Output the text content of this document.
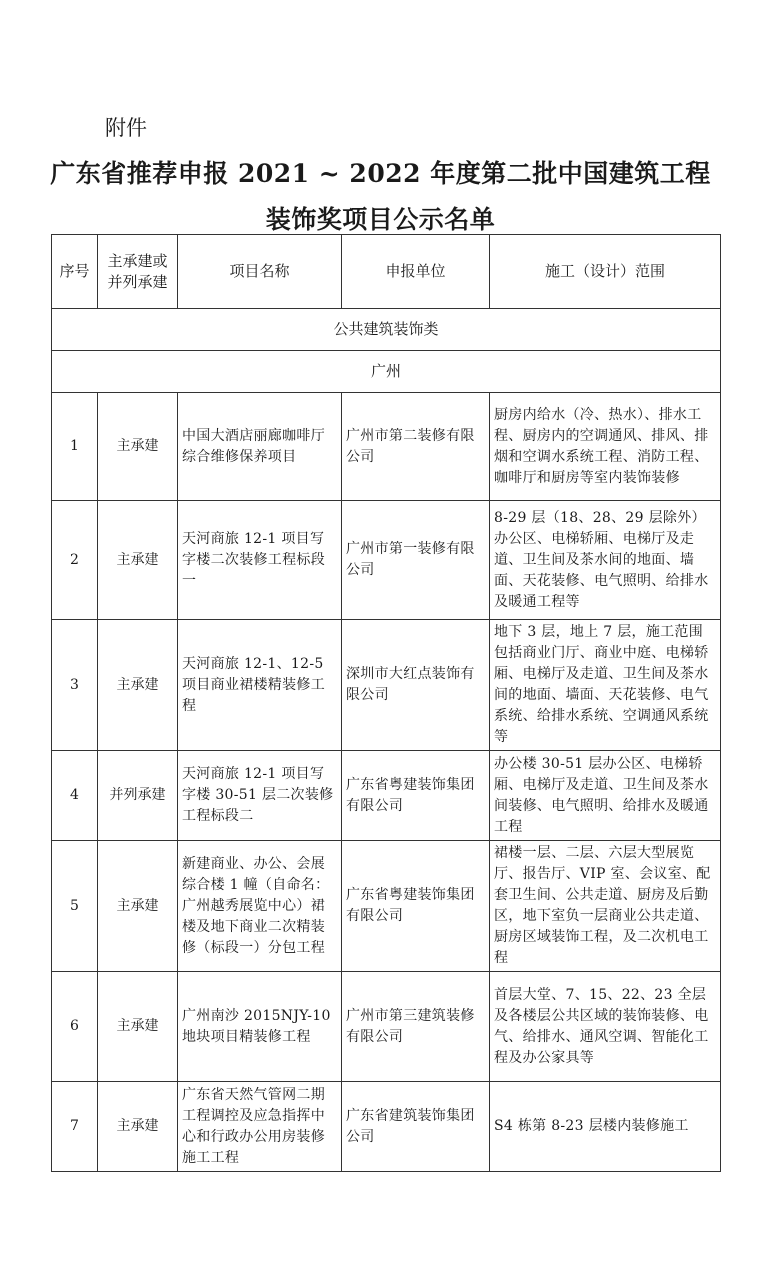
附件
广东省推荐申报 2021 ~ 2022 年度第二批中国建筑工程
装饰奖项目公示名单
序号	主承建或并列承建	项目名称	申报单位	施工（设计）范围
公共建筑装饰类				
广州				
1	主承建	中国大酒店丽廊咖啡厅综合维修保养项目	广州市第二装修有限公司	厨房内给水（冷、热水）、排水工程、厨房内的空调通风、排风、排烟和空调水系统工程、消防工程、咖啡厅和厨房等室内装饰装修
2	主承建	天河商旅 12-1 项目写字楼二次装修工程标段一	广州市第一装修有限公司	8-29 层（18、28、29 层除外）办公区、电梯轿厢、电梯厅及走道、卫生间及茶水间的地面、墙面、天花装修、电气照明、给排水及暖通工程等
3	主承建	天河商旅 12-1、12-5 项目商业裙楼精装修工程	深圳市大红点装饰有限公司	地下 3 层，地上 7 层，施工范围包括商业门厅、商业中庭、电梯轿厢、电梯厅及走道、卫生间及茶水间的地面、墙面、天花装修、电气系统、给排水系统、空调通风系统等
4	并列承建	天河商旅 12-1 项目写字楼 30-51 层二次装修工程标段二	广东省粤建装饰集团有限公司	办公楼 30-51 层办公区、电梯轿厢、电梯厅及走道、卫生间及茶水间装修、电气照明、给排水及暖通工程
5	主承建	新建商业、办公、会展综合楼 1 幢（自命名：广州越秀展览中心）裙楼及地下商业二次精装修（标段一）分包工程	广东省粤建装饰集团有限公司	裙楼一层、二层、六层大型展览厅、报告厅、VIP 室、会议室、配套卫生间、公共走道、厨房及后勤区，地下室负一层商业公共走道、厨房区域装饰工程，及二次机电工程
6	主承建	广州南沙 2015NJY-10 地块项目精装修工程	广州市第三建筑装修有限公司	首层大堂、7、15、22、23 全层及各楼层公共区域的装饰装修、电气、给排水、通风空调、智能化工程及办公家具等
7	主承建	广东省天然气管网二期工程调控及应急指挥中心和行政办公用房装修施工工程	广东省建筑装饰集团公司	S4 栋第 8-23 层楼内装修施工
